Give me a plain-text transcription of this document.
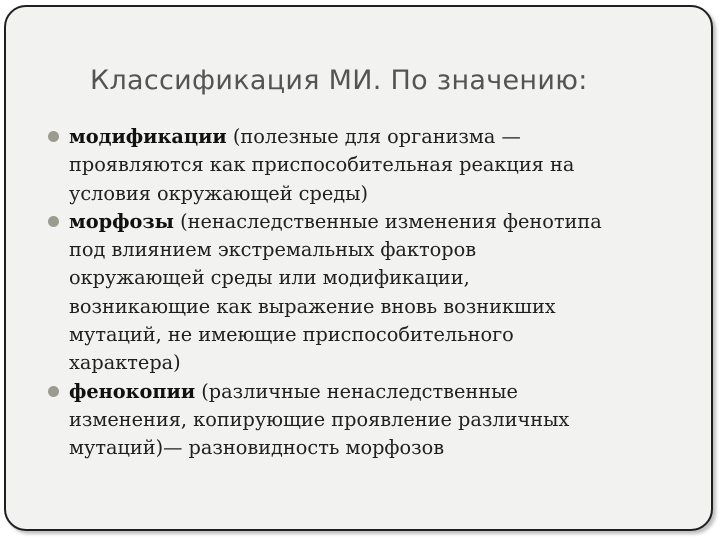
Классификация МИ. По значению:
модификации (полезные для организма —
проявляются как приспособительная реакция на
условия окружающей среды)
морфозы (ненаследственные изменения фенотипа
под влиянием экстремальных факторов
окружающей среды или модификации,
возникающие как выражение вновь возникших
мутаций, не имеющие приспособительного
характера)
фенокопии (различные ненаследственные
изменения, копирующие проявление различных
мутаций)— разновидность морфозов
